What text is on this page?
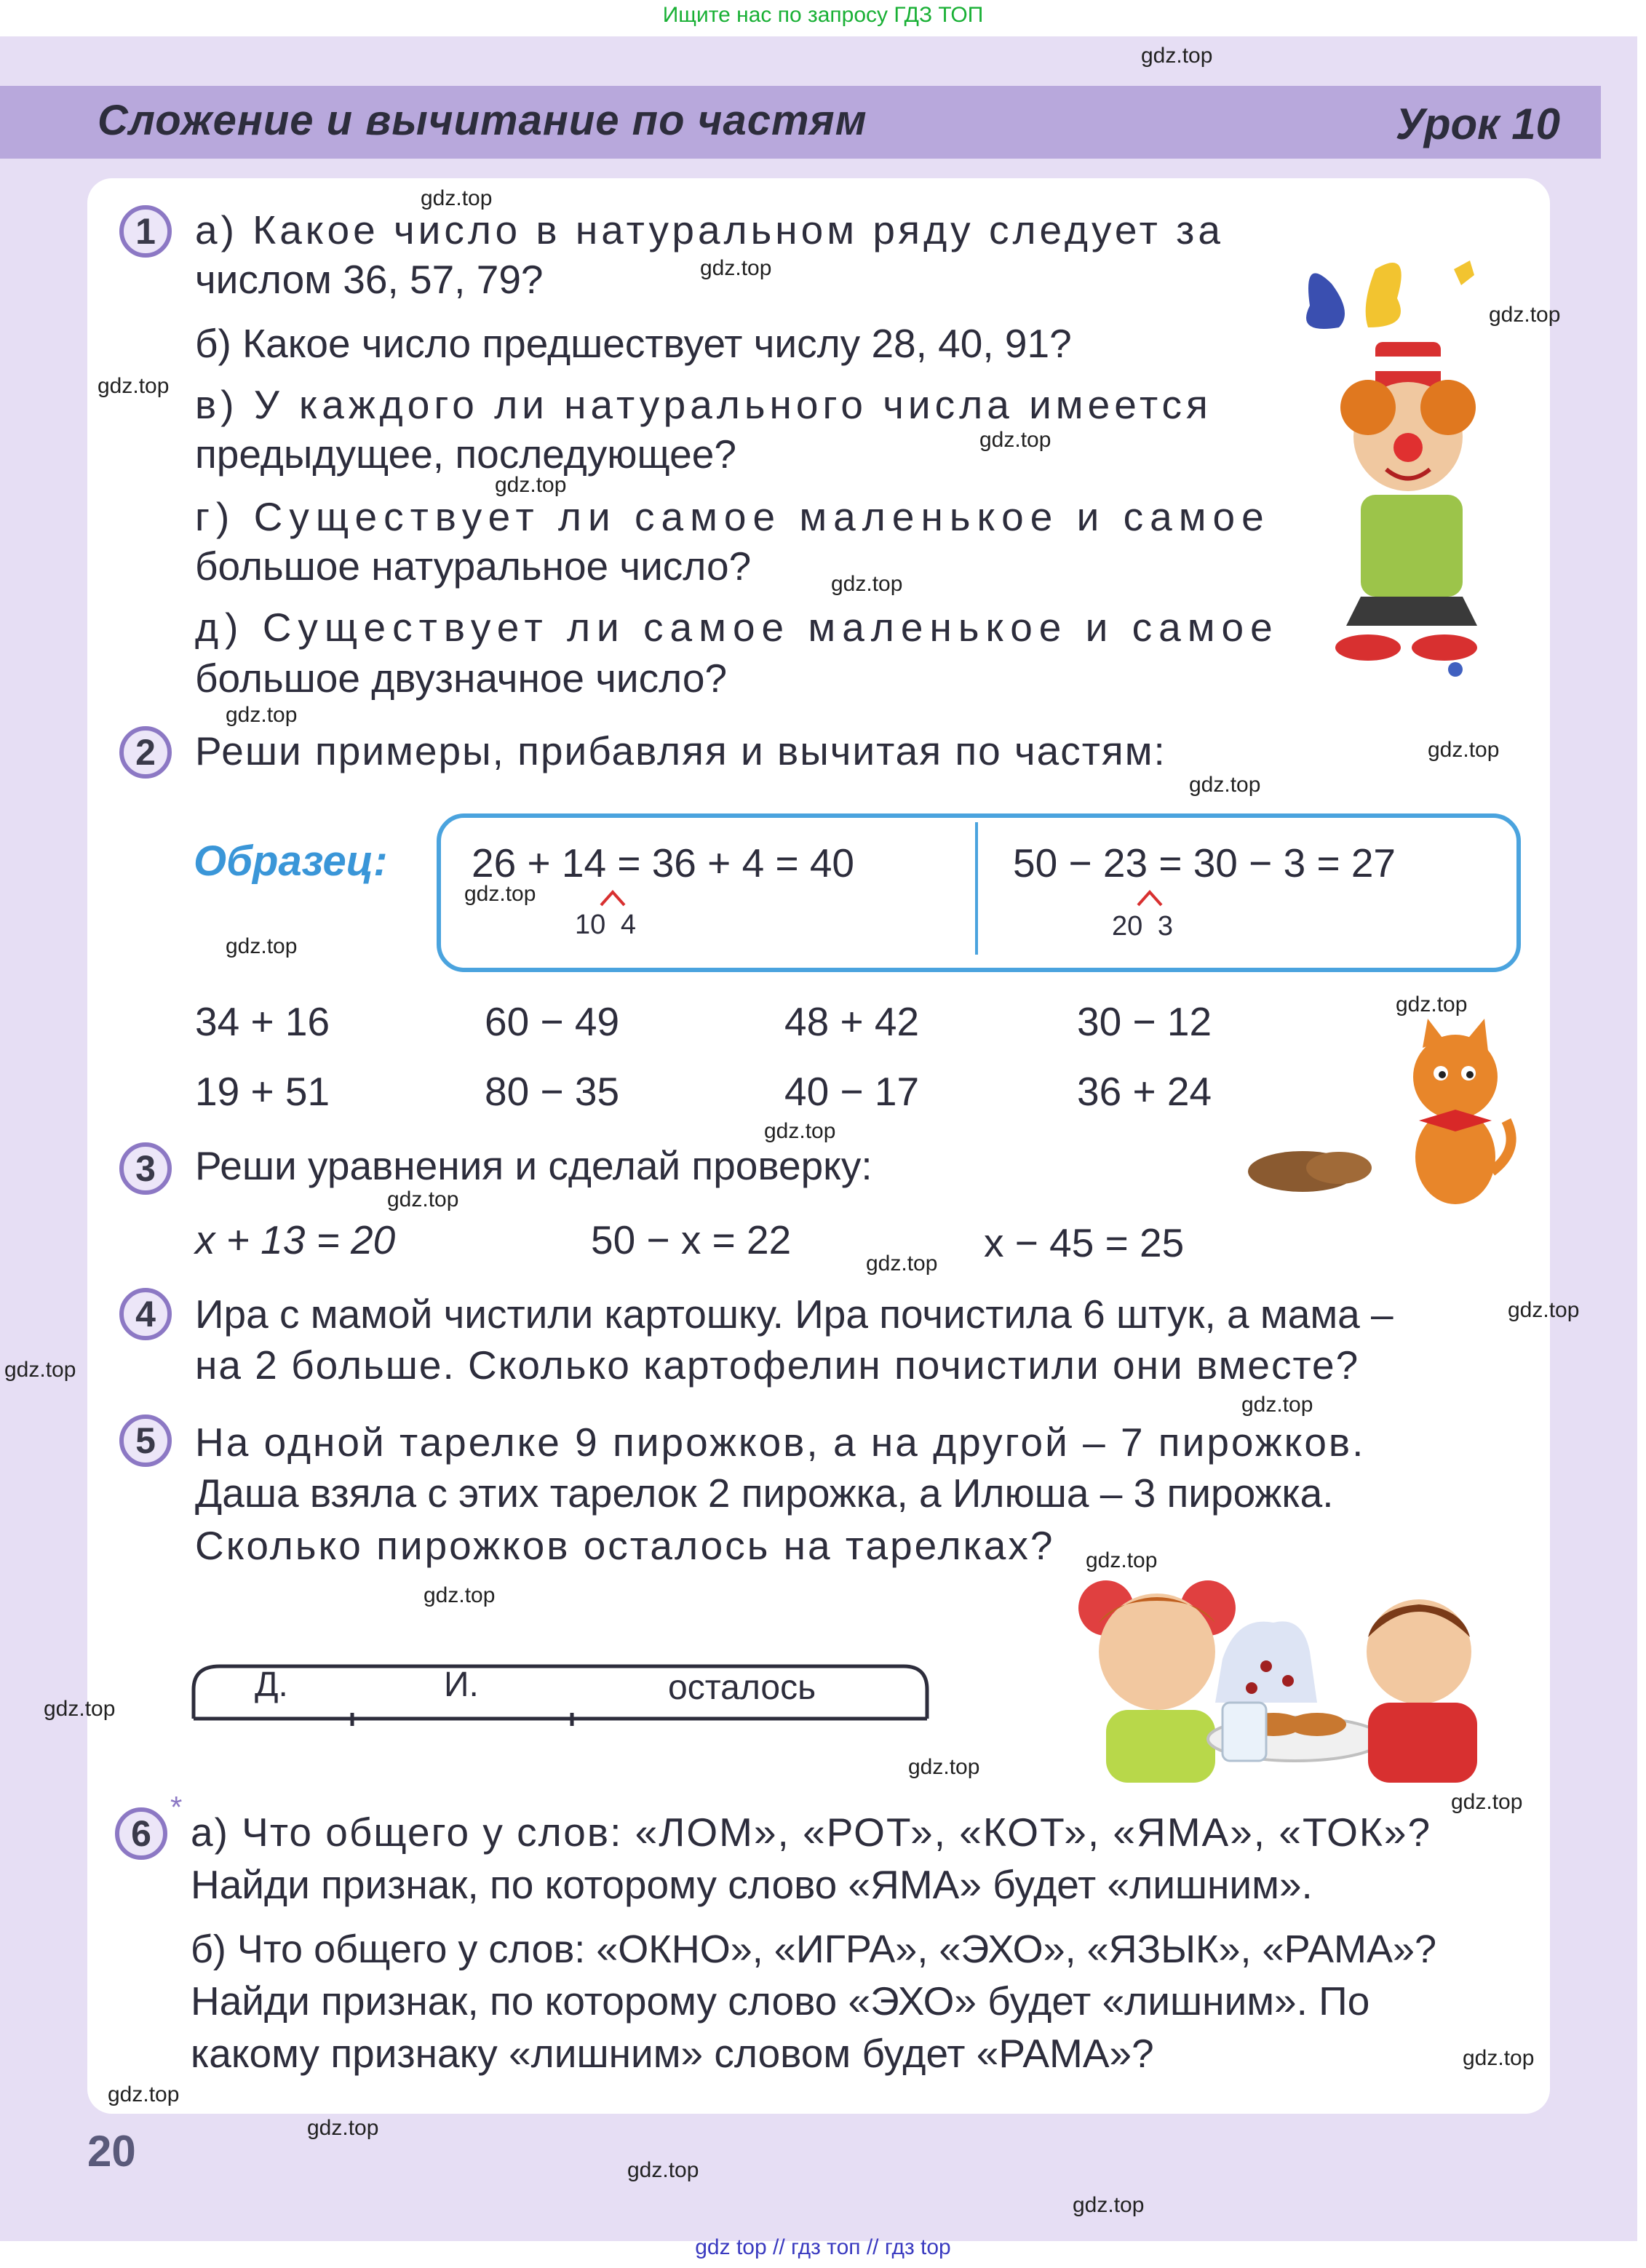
Ищите нас по запросу ГДЗ ТОП
Сложение и вычитание по частям	Урок 10
1 а) Какое число в натуральном ряду следует за
числом 36, 57, 79?
б) Какое число предшествует числу 28, 40, 91?
в) У каждого ли натурального числа имеется
предыдущее, последующее?
г) Существует ли самое маленькое и самое
большое натуральное число?
д) Существует ли самое маленькое и самое
большое двузначное число?
2 Реши примеры, прибавляя и вычитая по частям:
Образец: 26 + 14 = 36 + 4 = 40
10 4
50 − 23 = 30 − 3 = 27
20 3
34 + 16	60 − 49	48 + 42	30 − 12
19 + 51	80 − 35	40 − 17	36 + 24
3 Реши уравнения и сделай проверку:
x + 13 = 20	50 − x = 22	x − 45 = 25
4 Ира с мамой чистили картошку. Ира почистила 6 штук, а мама –
на 2 больше. Сколько картофелин почистили они вместе?
5 На одной тарелке 9 пирожков, а на другой – 7 пирожков.
Даша взяла с этих тарелок 2 пирожка, а Илюша – 3 пирожка.
Сколько пирожков осталось на тарелках?
Д.	И.	осталось
6
*
а) Что общего у слов: «ЛОМ», «РОТ», «КОТ», «ЯМА», «ТОК»?
Найди признак, по которому слово «ЯМА» будет «лишним».
б) Что общего у слов: «ОКНО», «ИГРА», «ЭХО», «ЯЗЫК», «РАМА»?
Найди признак, по которому слово «ЭХО» будет «лишним». По
какому признаку «лишним» словом будет «РАМА»?
20
gdz.top
gdz.top
gdz.top
gdz.top
gdz.top
gdz.top
gdz.top
gdz.top
gdz.top
gdz.top
gdz.top
gdz.top
gdz.top
gdz.top
gdz.top
gdz.top
gdz.top
gdz.top
gdz.top
gdz.top
gdz.top
gdz.top
gdz.top
gdz.top
gdz.top
gdz.top
gdz.top
gdz.top
gdz.top
gdz.top
gdz top // гдз топ // гдз top
